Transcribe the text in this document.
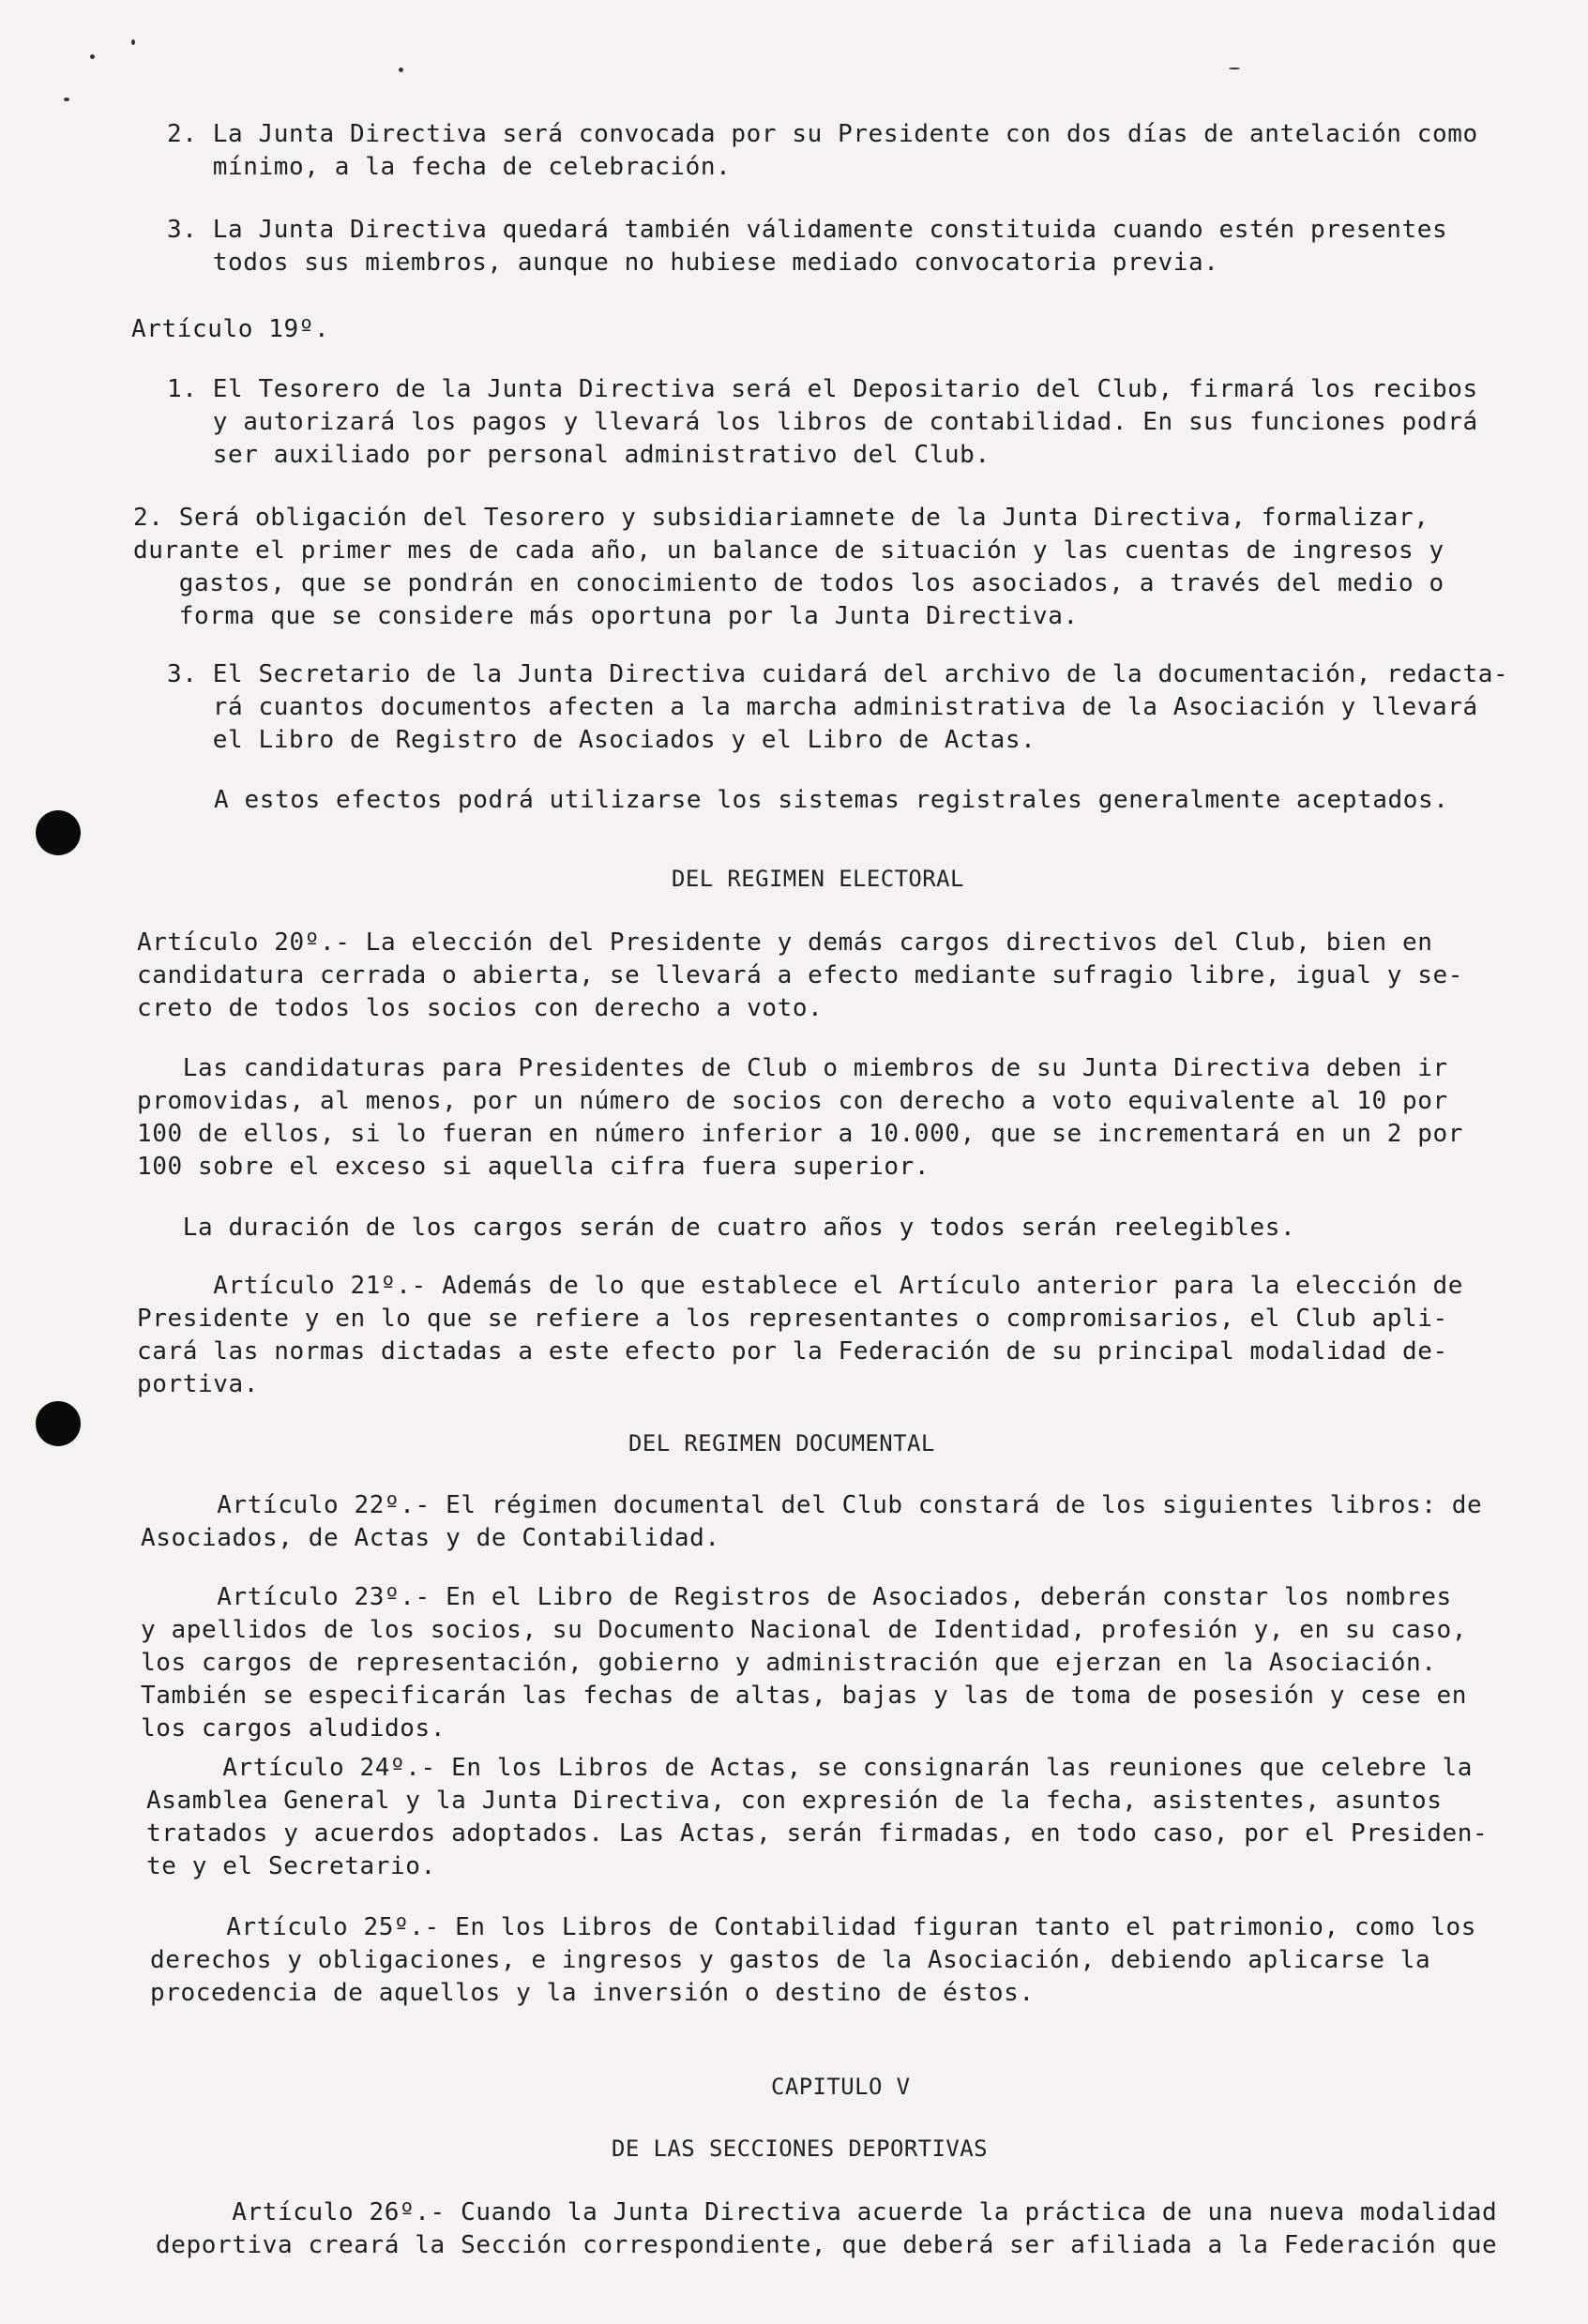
2. La Junta Directiva será convocada por su Presidente con dos días de antelación como
mínimo, a la fecha de celebración.

3. La Junta Directiva quedará también válidamente constituida cuando estén presentes
todos sus miembros, aunque no hubiese mediado convocatoria previa.

Artículo 19º.

1. El Tesorero de la Junta Directiva será el Depositario del Club, firmará los recibos
y autorizará los pagos y llevará los libros de contabilidad. En sus funciones podrá
ser auxiliado por personal administrativo del Club.

2. Será obligación del Tesorero y subsidiariamnete de la Junta Directiva, formalizar,
durante el primer mes de cada año, un balance de situación y las cuentas de ingresos y
gastos, que se pondrán en conocimiento de todos los asociados, a través del medio o
forma que se considere más oportuna por la Junta Directiva.

3. El Secretario de la Junta Directiva cuidará del archivo de la documentación, redacta-
rá cuantos documentos afecten a la marcha administrativa de la Asociación y llevará
el Libro de Registro de Asociados y el Libro de Actas.

A estos efectos podrá utilizarse los sistemas registrales generalmente aceptados.

DEL REGIMEN ELECTORAL

Artículo 20º.- La elección del Presidente y demás cargos directivos del Club, bien en
candidatura cerrada o abierta, se llevará a efecto mediante sufragio libre, igual y se-
creto de todos los socios con derecho a voto.

Las candidaturas para Presidentes de Club o miembros de su Junta Directiva deben ir
promovidas, al menos, por un número de socios con derecho a voto equivalente al 10 por
100 de ellos, si lo fueran en número inferior a 10.000, que se incrementará en un 2 por
100 sobre el exceso si aquella cifra fuera superior.

La duración de los cargos serán de cuatro años y todos serán reelegibles.

Artículo 21º.- Además de lo que establece el Artículo anterior para la elección de
Presidente y en lo que se refiere a los representantes o compromisarios, el Club apli-
cará las normas dictadas a este efecto por la Federación de su principal modalidad de-
portiva.

DEL REGIMEN DOCUMENTAL

Artículo 22º.- El régimen documental del Club constará de los siguientes libros: de
Asociados, de Actas y de Contabilidad.

Artículo 23º.- En el Libro de Registros de Asociados, deberán constar los nombres
y apellidos de los socios, su Documento Nacional de Identidad, profesión y, en su caso,
los cargos de representación, gobierno y administración que ejerzan en la Asociación.
También se especificarán las fechas de altas, bajas y las de toma de posesión y cese en
los cargos aludidos.

Artículo 24º.- En los Libros de Actas, se consignarán las reuniones que celebre la
Asamblea General y la Junta Directiva, con expresión de la fecha, asistentes, asuntos
tratados y acuerdos adoptados. Las Actas, serán firmadas, en todo caso, por el Presiden-
te y el Secretario.

Artículo 25º.- En los Libros de Contabilidad figuran tanto el patrimonio, como los
derechos y obligaciones, e ingresos y gastos de la Asociación, debiendo aplicarse la
procedencia de aquellos y la inversión o destino de éstos.

CAPITULO V

DE LAS SECCIONES DEPORTIVAS

Artículo 26º.- Cuando la Junta Directiva acuerde la práctica de una nueva modalidad
deportiva creará la Sección correspondiente, que deberá ser afiliada a la Federación que
